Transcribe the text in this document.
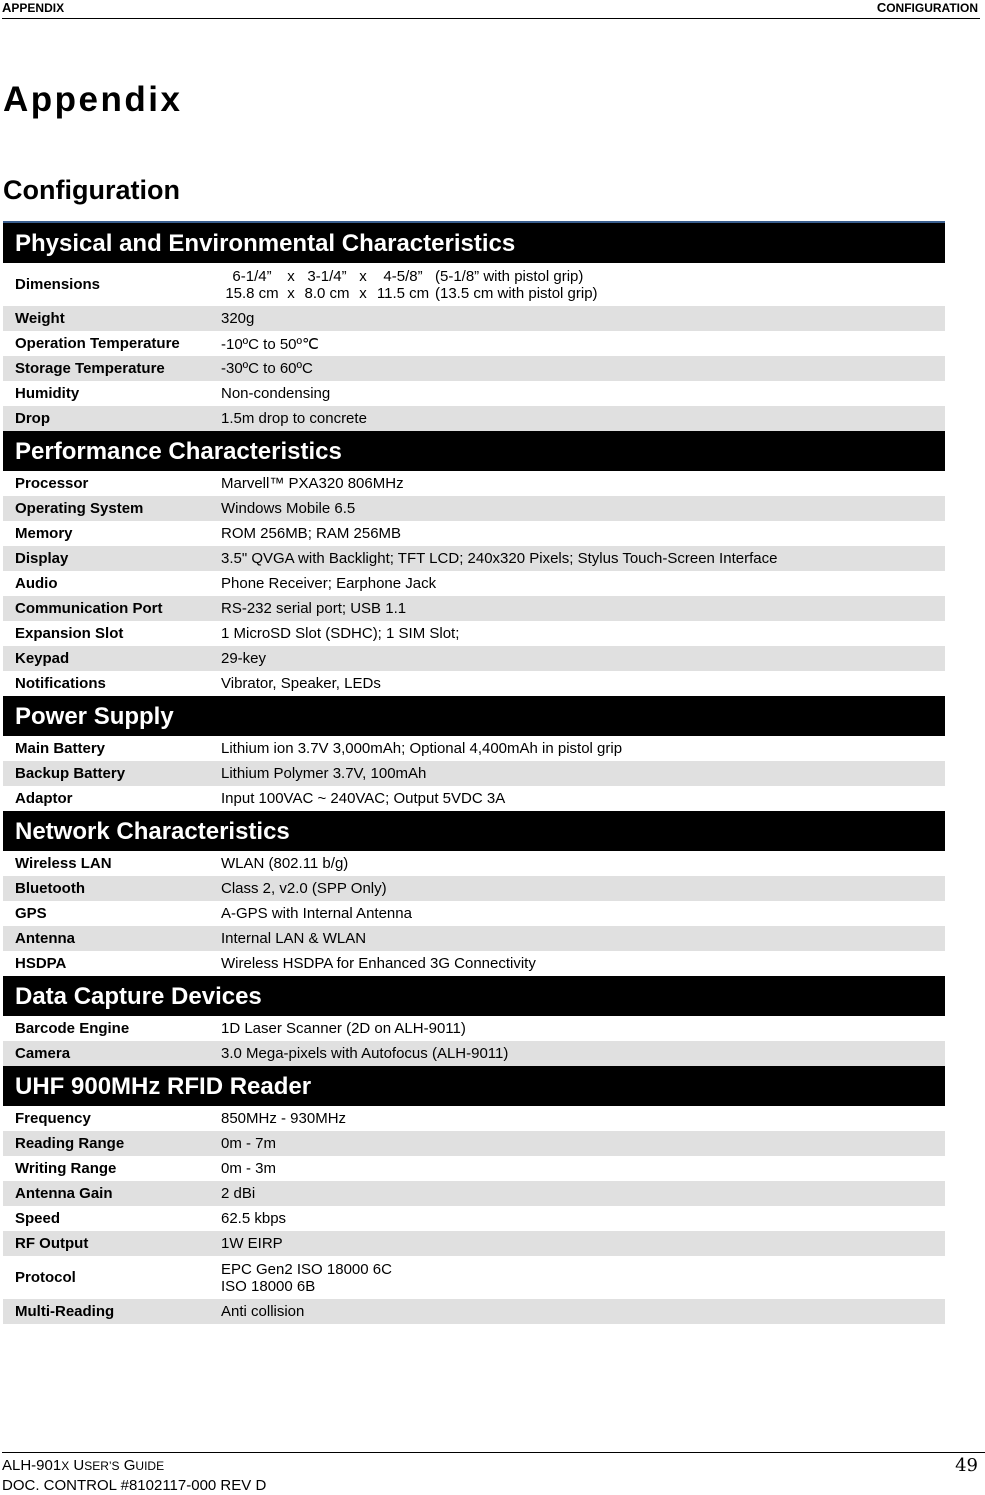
APPENDIX	CONFIGURATION
Appendix
Configuration
Physical and Environmental Characteristics
Dimensions	6-1/4”	x 3-1/4” x	4-5/8” (5-1/8” with pistol grip)
15.8 cm x 8.0 cm x 11.5 cm (13.5 cm with pistol grip)
Weight	320g
Operation Temperature	-10ºC to 50º℃
Storage Temperature	-30ºC to 60ºC
Humidity	Non-condensing
Drop	1.5m drop to concrete
Performance Characteristics
Processor	Marvell™ PXA320 806MHz
Operating System	Windows Mobile 6.5
Memory	ROM 256MB; RAM 256MB
Display	3.5" QVGA with Backlight; TFT LCD; 240x320 Pixels; Stylus Touch-Screen Interface
Audio	Phone Receiver; Earphone Jack
Communication Port	RS-232 serial port; USB 1.1
Expansion Slot	1 MicroSD Slot (SDHC); 1 SIM Slot;
Keypad	29-key
Notifications	Vibrator, Speaker, LEDs
Power Supply
Main Battery	Lithium ion 3.7V 3,000mAh; Optional 4,400mAh in pistol grip
Backup Battery	Lithium Polymer 3.7V, 100mAh
Adaptor	Input 100VAC ~ 240VAC; Output 5VDC 3A
Network Characteristics
Wireless LAN	WLAN (802.11 b/g)
Bluetooth	Class 2, v2.0 (SPP Only)
GPS	A-GPS with Internal Antenna
Antenna	Internal LAN & WLAN
HSDPA	Wireless HSDPA for Enhanced 3G Connectivity
Data Capture Devices
Barcode Engine	1D Laser Scanner (2D on ALH-9011)
Camera	3.0 Mega-pixels with Autofocus (ALH-9011)
UHF 900MHz RFID Reader
Frequency	850MHz - 930MHz
Reading Range	0m - 7m
Writing Range	0m - 3m
Antenna Gain	2 dBi
Speed	62.5 kbps
RF Output	1W EIRP
Protocol	EPC Gen2 ISO 18000 6C
ISO 18000 6B
Multi-Reading	Anti collision
ALH-901X USER’S GUIDE
DOC. CONTROL #8102117-000 REV D
49
